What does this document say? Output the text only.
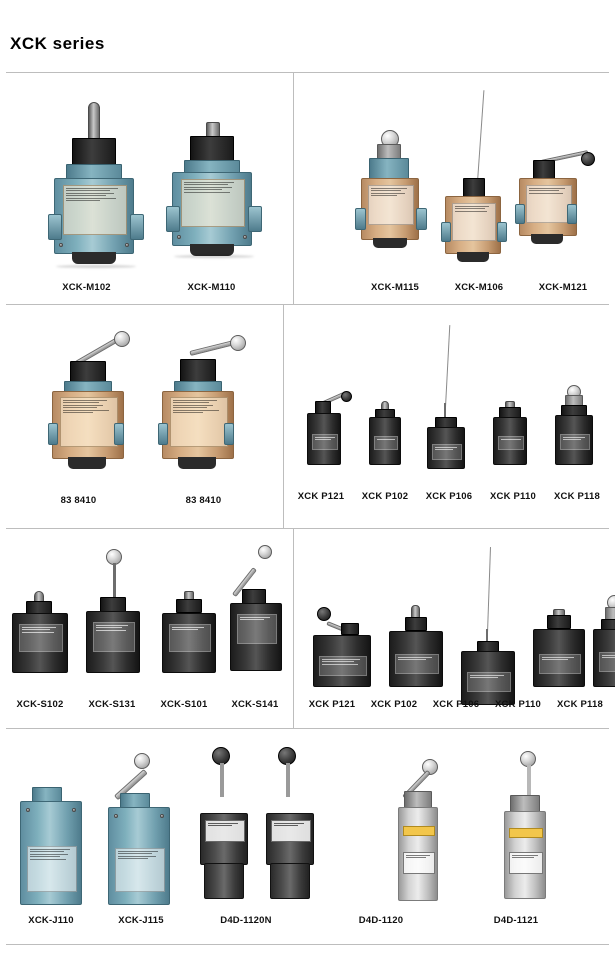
XCK series
XCK-M102	XCK-M110	XCK-M115	XCK-M106	XCK-M121
83 8410	83 8410	XCK P121	XCK P102	XCK P106	XCK P110	XCK P118
XCK-S102	XCK-S131	XCK-S101	XCK-S141	XCK P121	XCK P102	XCK P106	XCK P110	XCK P118
XCK-J110	XCK-J115	D4D-1120N	D4D-1120	D4D-1121
